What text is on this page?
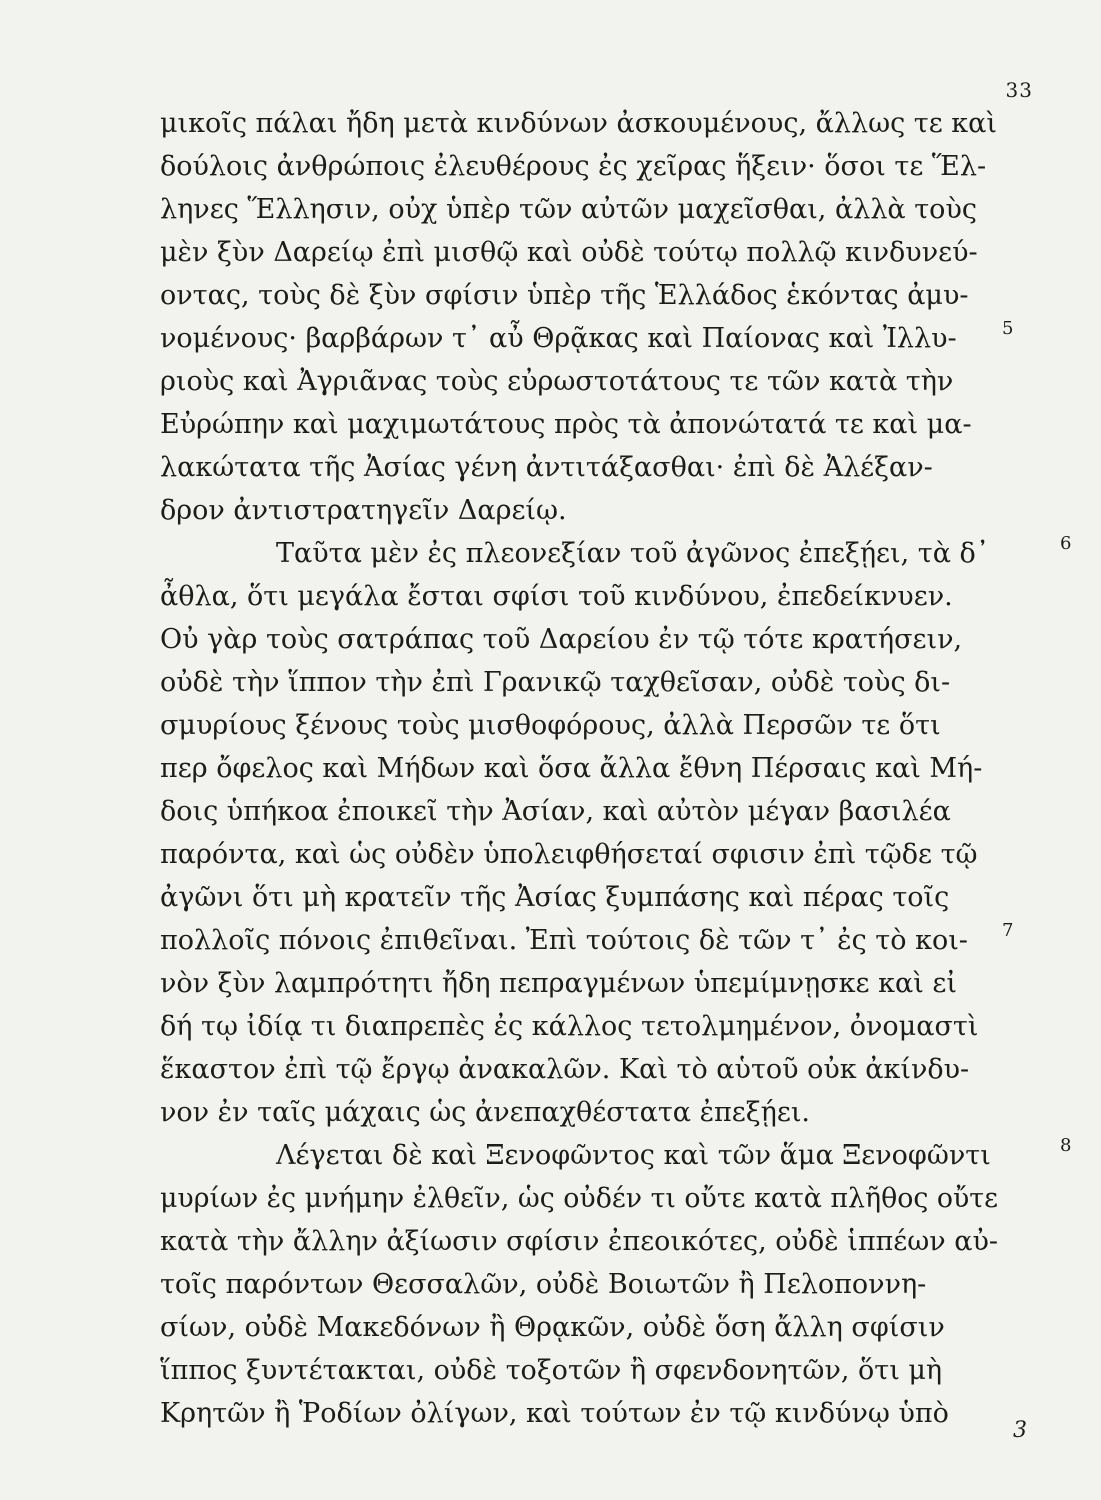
33
μικοῖς πάλαι ἤδη μετὰ κινδύνων ἀσκουμένους, ἄλλως τε καὶ
δούλοις ἀνθρώποις ἐλευθέρους ἐς χεῖρας ἥξειν· ὅσοι τε Ἕλ-
ληνες Ἕλλησιν, οὐχ ὑπὲρ τῶν αὐτῶν μαχεῖσθαι, ἀλλὰ τοὺς
μὲν ξὺν Δαρείῳ ἐπὶ μισθῷ καὶ οὐδὲ τούτῳ πολλῷ κινδυνεύ-
οντας, τοὺς δὲ ξὺν σφίσιν ὑπὲρ τῆς Ἑλλάδος ἑκόντας ἀμυ-
νομένους· βαρβάρων τ᾽ αὖ Θρᾷκας καὶ Παίονας καὶ Ἰλλυ-	5
ριοὺς καὶ Ἀγριᾶνας τοὺς εὐρωστοτάτους τε τῶν κατὰ τὴν
Εὐρώπην καὶ μαχιμωτάτους πρὸς τὰ ἀπονώτατά τε καὶ μα-
λακώτατα τῆς Ἀσίας γένη ἀντιτάξασθαι· ἐπὶ δὲ Ἀλέξαν-
δρον ἀντιστρατηγεῖν Δαρείῳ.
Ταῦτα μὲν ἐς πλεονεξίαν τοῦ ἀγῶνος ἐπεξῄει, τὰ δ᾽	6
ἆθλα, ὅτι μεγάλα ἔσται σφίσι τοῦ κινδύνου, ἐπεδείκνυεν.
Οὐ γὰρ τοὺς σατράπας τοῦ Δαρείου ἐν τῷ τότε κρατήσειν,
οὐδὲ τὴν ἵππον τὴν ἐπὶ Γρανικῷ ταχθεῖσαν, οὐδὲ τοὺς δι-
σμυρίους ξένους τοὺς μισθοφόρους, ἀλλὰ Περσῶν τε ὅτι
περ ὄφελος καὶ Μήδων καὶ ὅσα ἄλλα ἔθνη Πέρσαις καὶ Μή-
δοις ὑπήκοα ἐποικεῖ τὴν Ἀσίαν, καὶ αὐτὸν μέγαν βασιλέα
παρόντα, καὶ ὡς οὐδὲν ὑπολειφθήσεταί σφισιν ἐπὶ τῷδε τῷ
ἀγῶνι ὅτι μὴ κρατεῖν τῆς Ἀσίας ξυμπάσης καὶ πέρας τοῖς
πολλοῖς πόνοις ἐπιθεῖναι. Ἐπὶ τούτοις δὲ τῶν τ᾽ ἐς τὸ κοι- 7
νὸν ξὺν λαμπρότητι ἤδη πεπραγμένων ὑπεμίμνῃσκε καὶ εἰ
δή τῳ ἰδίᾳ τι διαπρεπὲς ἐς κάλλος τετολμημένον, ὀνομαστὶ
ἕκαστον ἐπὶ τῷ ἔργῳ ἀνακαλῶν. Καὶ τὸ αὑτοῦ οὐκ ἀκίνδυ-
νον ἐν ταῖς μάχαις ὡς ἀνεπαχθέστατα ἐπεξῄει.
Λέγεται δὲ καὶ Ξενοφῶντος καὶ τῶν ἅμα Ξενοφῶντι	8
μυρίων ἐς μνήμην ἐλθεῖν, ὡς οὐδέν τι οὔτε κατὰ πλῆθος οὔτε
κατὰ τὴν ἄλλην ἀξίωσιν σφίσιν ἐπεοικότες, οὐδὲ ἱππέων αὐ-
τοῖς παρόντων Θεσσαλῶν, οὐδὲ Βοιωτῶν ἢ Πελοποννη-
σίων, οὐδὲ Μακεδόνων ἢ Θρᾳκῶν, οὐδὲ ὅση ἄλλη σφίσιν
ἵππος ξυντέτακται, οὐδὲ τοξοτῶν ἢ σφενδονητῶν, ὅτι μὴ
Κρητῶν ἢ Ῥοδίων ὀλίγων, καὶ τούτων ἐν τῷ κινδύνῳ ὑπὸ
3
